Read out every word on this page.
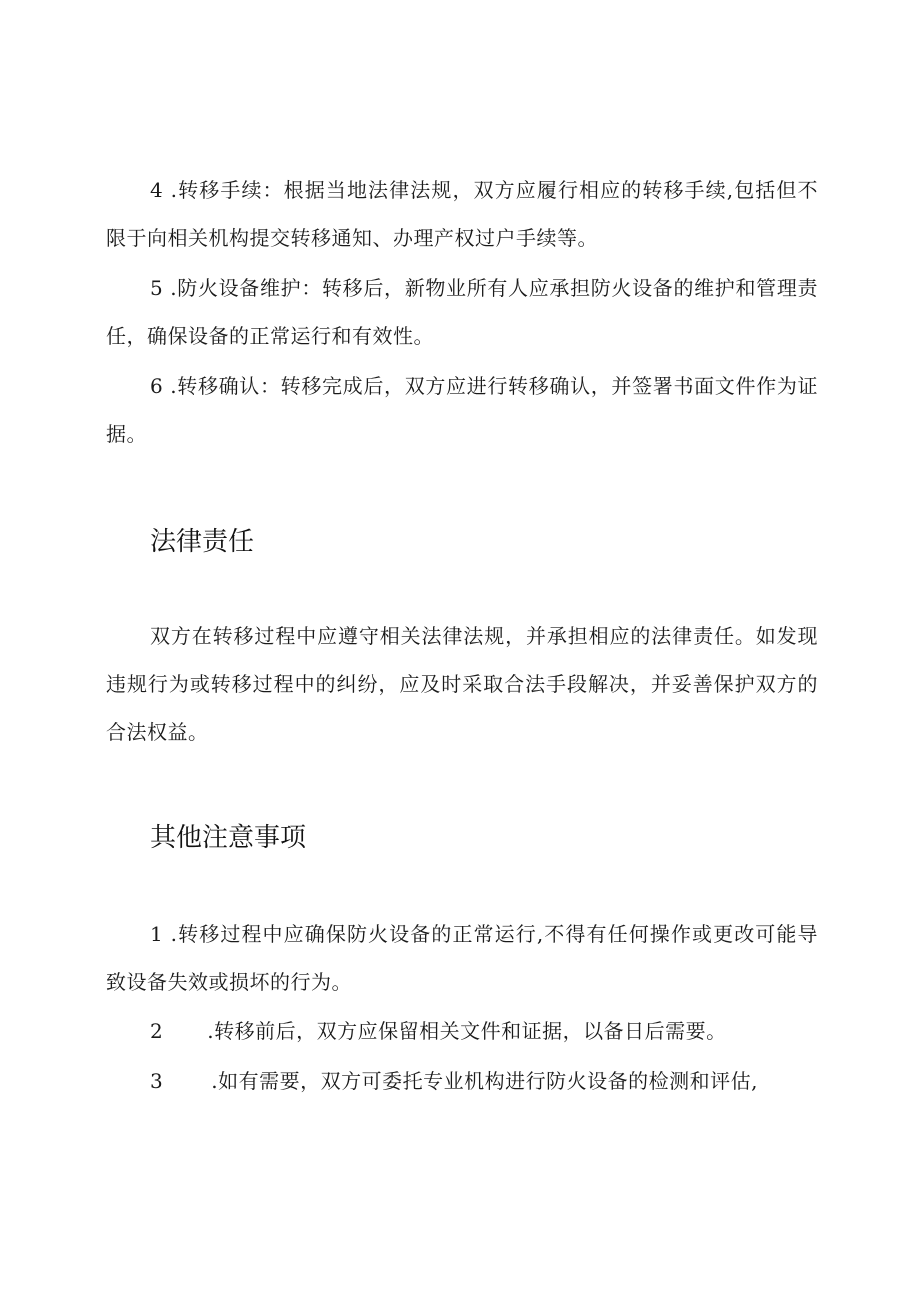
4 .转移手续：根据当地法律法规，双方应履行相应的转移手续,包括但不限于向相关机构提交转移通知、办理产权过户手续等。

5 .防火设备维护：转移后，新物业所有人应承担防火设备的维护和管理责任，确保设备的正常运行和有效性。

6 .转移确认：转移完成后，双方应进行转移确认，并签署书面文件作为证据。

法律责任

双方在转移过程中应遵守相关法律法规，并承担相应的法律责任。如发现违规行为或转移过程中的纠纷，应及时采取合法手段解决，并妥善保护双方的合法权益。

其他注意事项

1 .转移过程中应确保防火设备的正常运行,不得有任何操作或更改可能导致设备失效或损坏的行为。

2 .转移前后，双方应保留相关文件和证据，以备日后需要。

3 .如有需要，双方可委托专业机构进行防火设备的检测和评估,
